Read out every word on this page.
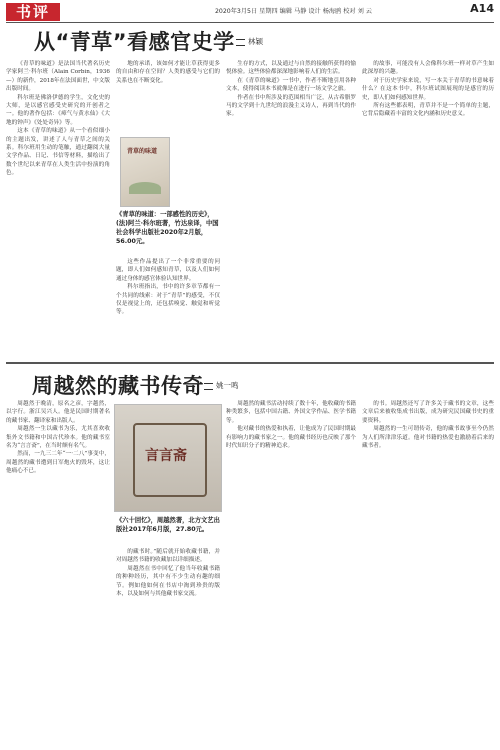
书评	2020年3月5日 星期四 编辑 马静 设计 杨海鸥 校对 刘 云	A14
从“青草”看感官史学	林颖

《青草的味道》是法国当代著名历史学家阿兰·科尔班（Alain Corbin，1936—）的新作，2018年在法国面世，中文版出版时间。

科尔班是佛洛伊德的学生，文化史的大师，是以感官感受史研究的开创者之一。他的著作包括：《瘴气与黄水仙》《大地的钟声》《处处奇异》等。

这本《青草的味道》从一个看似细小的主题出发，讲述了人与青草之间的关系。科尔班用生动的笔触，通过翻阅大量文学作品、日记、书信等材料，描绘出了数个世纪以来青草在人类生活中扮演的角色。

地的承诺，该如何才能让草获得更多的自由和存在空间？人类的感受与它们的关系也在不断变化。

青草的味道
《青草的味道：一部感性的历史》，(法)阿兰·科尔班著，竹达泉译，中国社会科学出版社2020年2月版，56.00元。

这些作品提出了一个非常重要的问题，即人们如何感知青草，以及人们如何通过身体的感官体验认知世界。

科尔班指出，书中的许多章节都有一个共同的线索：对于“青草”的感受，不仅仅是视觉上的，还包括嗅觉、触觉和听觉等。

生存的方式，以及通过与自然的接触所获得的愉悦体验。这些体验都深深地影响着人们的生活。

在《青草的味道》一书中，作者不断地引用各种文本，使得阅读本书就像是在进行一场文学之旅。

作者在书中所涉及的范围相当广泛，从古希腊罗马的文学到十九世纪的浪漫主义诗人，再到当代的作家。

的故事，可能没有人会像科尔班一样对草产生如此深厚的兴趣。

对于历史学家来说，写一本关于青草的书意味着什么？在这本书中，科尔班试图展现的是感官的历史，即人们如何感知世界。

所有这些都表明，青草并不是一个简单的主题，它背后隐藏着丰富的文化内涵和历史意义。

周越然的藏书传奇	姚一鸣

周越然于晚清，原名之彦，字越然，以字行。浙江吴兴人。他是民国时期著名的藏书家、翻译家和出版人。

周越然一生以藏书为乐，尤其喜欢收集外文书籍和中国古代珍本。他的藏书室名为“言言斋”，在当时颇有名气。

然而，一九三二年“一·二八”事变中，周越然的藏书遭到日军炮火的毁坏，这让他痛心不已。

言言斋
《六十回忆》，周越然著，北方文艺出版社2017年6月版，27.80元。

的藏书时。”随后就开始收藏书籍，并对周越然书籍的收藏加以详细描述。

周越然在书中回忆了他当年收藏书籍的种种经历，其中有不少生动有趣的细节。例如他如何在书店中淘到珍贵的版本，以及如何与其他藏书家交流。

周越然的藏书活动持续了数十年，他收藏的书籍种类繁多，包括中国古籍、外国文学作品、医学书籍等。

他对藏书的热爱和执着，让他成为了民国时期最有影响力的藏书家之一。他的藏书经历也反映了那个时代知识分子的精神追求。

的书。周越然还写了许多关于藏书的文章，这些文章后来被收集成书出版，成为研究民国藏书史的重要资料。

周越然的一生可谓传奇，他的藏书故事至今仍然为人们所津津乐道。他对书籍的热爱也激励着后来的藏书者。
